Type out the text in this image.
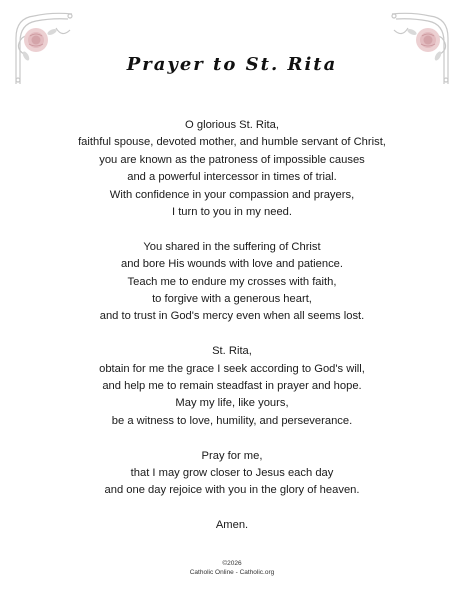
Prayer to St. Rita
O glorious St. Rita,
faithful spouse, devoted mother, and humble servant of Christ,
you are known as the patroness of impossible causes
and a powerful intercessor in times of trial.
With confidence in your compassion and prayers,
I turn to you in my need.
You shared in the suffering of Christ
and bore His wounds with love and patience.
Teach me to endure my crosses with faith,
to forgive with a generous heart,
and to trust in God's mercy even when all seems lost.
St. Rita,
obtain for me the grace I seek according to God's will,
and help me to remain steadfast in prayer and hope.
May my life, like yours,
be a witness to love, humility, and perseverance.
Pray for me,
that I may grow closer to Jesus each day
and one day rejoice with you in the glory of heaven.
Amen.
©2026
Catholic Online - Catholic.org
